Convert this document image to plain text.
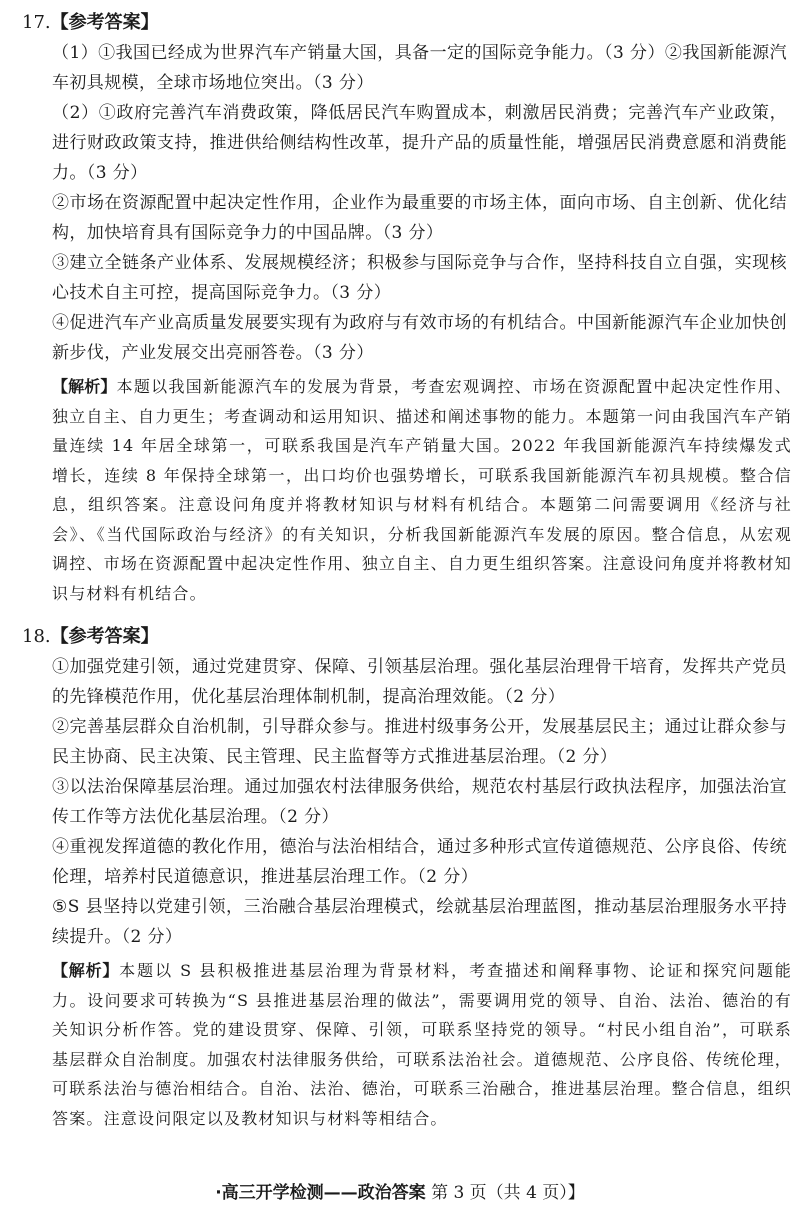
17.【参考答案】

（1）①我国已经成为世界汽车产销量大国，具备一定的国际竞争能力。（3 分）②我国新能源汽车初具规模，全球市场地位突出。（3 分）

（2）①政府完善汽车消费政策，降低居民汽车购置成本，刺激居民消费；完善汽车产业政策，进行财政政策支持，推进供给侧结构性改革，提升产品的质量性能，增强居民消费意愿和消费能力。（3 分）

②市场在资源配置中起决定性作用，企业作为最重要的市场主体，面向市场、自主创新、优化结构，加快培育具有国际竞争力的中国品牌。（3 分）

③建立全链条产业体系、发展规模经济；积极参与国际竞争与合作，坚持科技自立自强，实现核心技术自主可控，提高国际竞争力。（3 分）

④促进汽车产业高质量发展要实现有为政府与有效市场的有机结合。中国新能源汽车企业加快创新步伐，产业发展交出亮丽答卷。（3 分）

【解析】本题以我国新能源汽车的发展为背景，考查宏观调控、市场在资源配置中起决定性作用、独立自主、自力更生；考查调动和运用知识、描述和阐述事物的能力。本题第一问由我国汽车产销量连续 14 年居全球第一，可联系我国是汽车产销量大国。2022 年我国新能源汽车持续爆发式增长，连续 8 年保持全球第一，出口均价也强势增长，可联系我国新能源汽车初具规模。整合信息，组织答案。注意设问角度并将教材知识与材料有机结合。本题第二问需要调用《经济与社会》、《当代国际政治与经济》的有关知识，分析我国新能源汽车发展的原因。整合信息，从宏观调控、市场在资源配置中起决定性作用、独立自主、自力更生组织答案。注意设问角度并将教材知识与材料有机结合。

18.【参考答案】

①加强党建引领，通过党建贯穿、保障、引领基层治理。强化基层治理骨干培育，发挥共产党员的先锋模范作用，优化基层治理体制机制，提高治理效能。（2 分）

②完善基层群众自治机制，引导群众参与。推进村级事务公开，发展基层民主；通过让群众参与民主协商、民主决策、民主管理、民主监督等方式推进基层治理。（2 分）

③以法治保障基层治理。通过加强农村法律服务供给，规范农村基层行政执法程序，加强法治宣传工作等方法优化基层治理。（2 分）

④重视发挥道德的教化作用，德治与法治相结合，通过多种形式宣传道德规范、公序良俗、传统伦理，培养村民道德意识，推进基层治理工作。（2 分）

⑤S 县坚持以党建引领，三治融合基层治理模式，绘就基层治理蓝图，推动基层治理服务水平持续提升。（2 分）

【解析】本题以 S 县积极推进基层治理为背景材料，考查描述和阐释事物、论证和探究问题能力。设问要求可转换为“S 县推进基层治理的做法”，需要调用党的领导、自治、法治、德治的有关知识分析作答。党的建设贯穿、保障、引领，可联系坚持党的领导。“村民小组自治”，可联系基层群众自治制度。加强农村法律服务供给，可联系法治社会。道德规范、公序良俗、传统伦理，可联系法治与德治相结合。自治、法治、德治，可联系三治融合，推进基层治理。整合信息，组织答案。注意设问限定以及教材知识与材料等相结合。

·高三开学检测——政治答案 第 3 页（共 4 页）】
